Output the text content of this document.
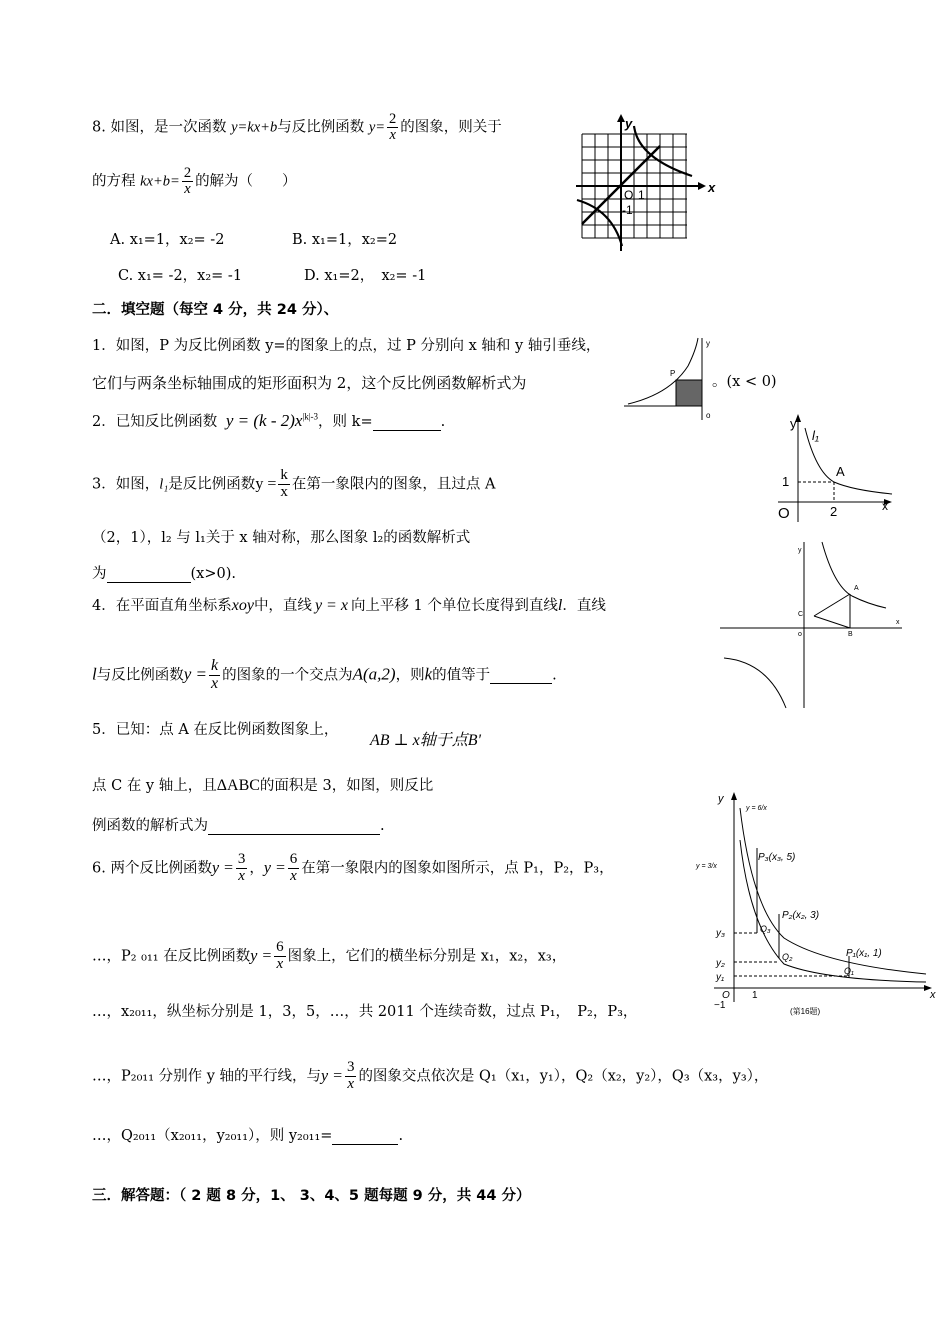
8. 如图，是一次函数 y=kx+b与反比例函数 $y= \frac{2}{x}$ 的图象，则关于
的方程 $kx+b= \frac{2}{x}$ 的解为（　　）
A. x₁=1，x₂= -2	B. x₁=1，x₂=2
C. x₁= -2，x₂= -1	D. x₁=2，　x₂= -1
y
x
O 1
-1
二．填空题（每空 4 分，共 24 分）、
1．如图，P 为反比例函数 y=的图象上的点，过 P 分别向 x 轴和 y 轴引垂线，
它们与两条坐标轴围成的矩形面积为 2，这个反比例函数解析式为	。(x < 0)
P
y
o
2．已知反比例函数 $y = (k - 2)x^{|k|-3}$，则 k=	.
3．如图，l₁是反比例函数$y = \frac{k}{x}$ 在第一象限内的图象，且过点 A
（2，1），l₂ 与 l₁关于 x 轴对称，那么图象 l₂的函数解析式
为	(x>0).
y
l₁
1
O	2
A
x
4．在平面直角坐标系xoy中，直线 y = x 向上平移 1 个单位长度得到直线l．直线
l与反比例函数$y = \frac{k}{x}$ 的图象的一个交点为A(a,2)，则k的值等于	.
A
B
C
o
y
x
5．已知：点 A 在反比例函数图象上，
AB ⊥ x轴于点B'
点 C 在 y 轴上，且ΔABC的面积是 3，如图，则反比
例函数的解析式为	.
6. 两个反比例函数$y = \frac{3}{x}$ ，$y = \frac{6}{x}$ 在第一象限内的图象如图所示，点 P₁，P₂，P₃，
…，P₂ ₀₁₁ 在反比例函数$y = \frac{6}{x}$ 图象上，它们的横坐标分别是 x₁，x₂，x₃，
…，x₂₀₁₁，纵坐标分别是 1，3，5，…，共 2011 个连续奇数，过点 P₁，　P₂，P₃，
…，P₂₀₁₁ 分别作 y 轴的平行线，与$y = \frac{3}{x}$ 的图象交点依次是 Q₁（x₁，y₁），Q₂（x₂，y₂），Q₃（x₃，y₃），
…，Q₂₀₁₁（x₂₀₁₁，y₂₀₁₁），则 y₂₀₁₁=	.
y
x
O 1
−1
y = 6/x
y = 3/x
P₃(x₃, 5)
P₂(x₂, 3)
P₁(x₁, 1)
Q₃
Q₂
Q₁
y₃
y₂
y₁
(第16题)
三．解答题：（ 2 题 8 分，1、 3、4、5 题每题 9 分，共 44 分）
